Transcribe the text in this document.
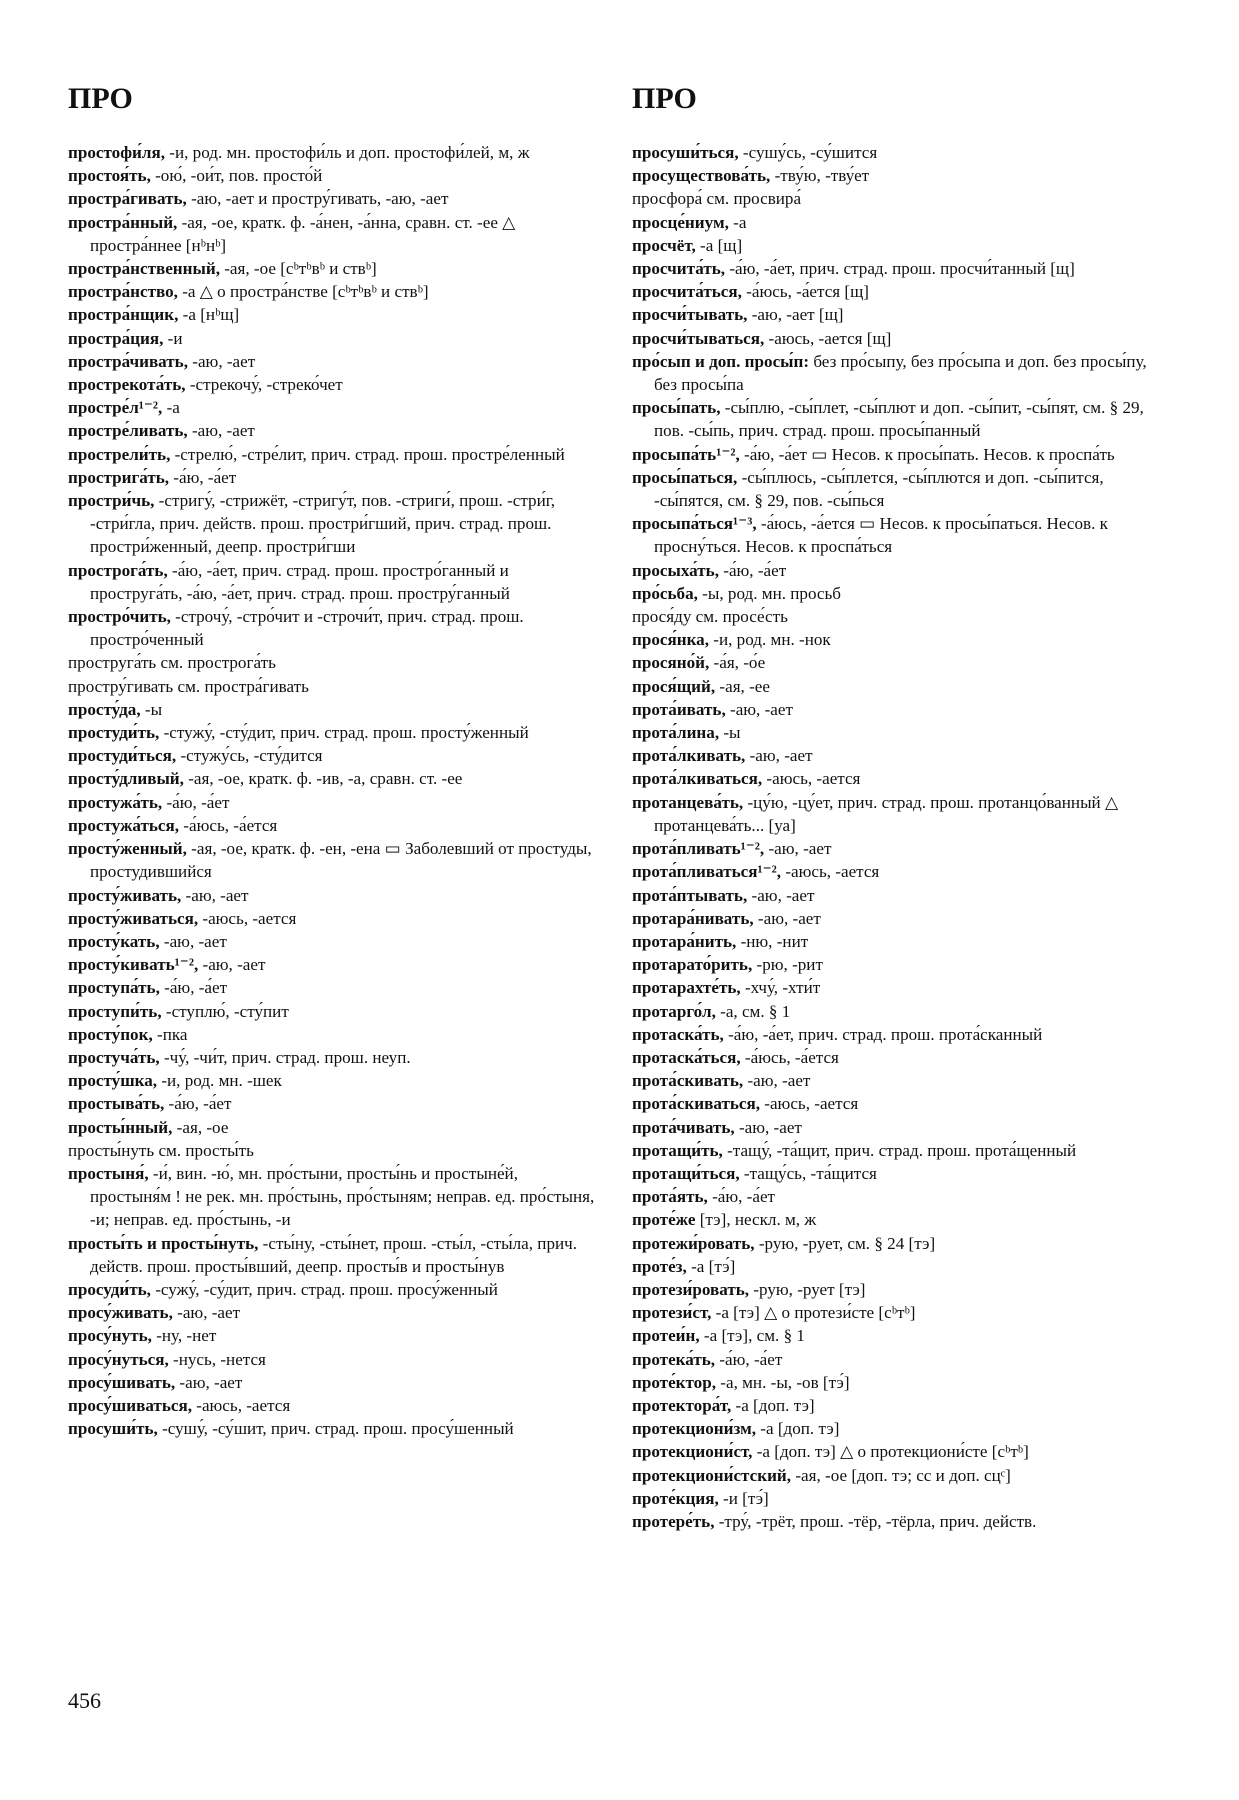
ПРО	ПРО

простофи́ля, -и, род. мн. простофи́ль и доп. простофи́лей, м, ж

простоя́ть, -ою́, -ои́т, пов. просто́й

простра́гивать, -аю, -ает и простру́гивать, -аю, -ает

простра́нный, -ая, -ое, кратк. ф. -а́нен, -а́нна, сравн. ст. -ее △ простра́ннее [нᵇнᵇ]

простра́нственный, -ая, -ое [сᵇтᵇвᵇ и ствᵇ]

простра́нство, -а △ о простра́нстве [сᵇтᵇвᵇ и ствᵇ]

простра́нщик, -а [нᵇщ]

простра́ция, -и

простра́чивать, -аю, -ает

прострекота́ть, -стрекочу́, -стреко́чет

простре́л¹⁻², -а

простре́ливать, -аю, -ает

прострели́ть, -стрелю́, -стре́лит, прич. страд. прош. простре́ленный

прострига́ть, -а́ю, -а́ет

простри́чь, -стригу́, -стрижёт, -стригу́т, пов. -стриги́, прош. -стри́г, -стри́гла, прич. действ. прош. простри́гший, прич. страд. прош. простри́женный, деепр. простри́гши

прострога́ть, -а́ю, -а́ет, прич. страд. прош. простро́ганный и проструга́ть, -а́ю, -а́ет, прич. страд. прош. простру́ганный

простро́чить, -строчу́, -стро́чит и -строчи́т, прич. страд. прош. простро́ченный

проструга́ть см. прострога́ть

простру́гивать см. простра́гивать

просту́да, -ы

простуди́ть, -стужу́, -сту́дит, прич. страд. прош. просту́женный

простуди́ться, -стужу́сь, -сту́дится

просту́дливый, -ая, -ое, кратк. ф. -ив, -а, сравн. ст. -ее

простужа́ть, -а́ю, -а́ет

простужа́ться, -а́юсь, -а́ется

просту́женный, -ая, -ое, кратк. ф. -ен, -ена ▭ Заболевший от простуды, простудившийся

просту́живать, -аю, -ает

просту́живаться, -аюсь, -ается

просту́кать, -аю, -ает

просту́кивать¹⁻², -аю, -ает

проступа́ть, -а́ю, -а́ет

проступи́ть, -ступлю́, -сту́пит

просту́пок, -пка

простуча́ть, -чу́, -чи́т, прич. страд. прош. неуп.

просту́шка, -и, род. мн. -шек

простыва́ть, -а́ю, -а́ет

просты́нный, -ая, -ое

просты́нуть см. просты́ть

простыня́, -и́, вин. -ю́, мн. про́стыни, просты́нь и простыне́й, простыня́м ! не рек. мн. про́стынь, про́стыням; неправ. ед. про́стыня, -и; неправ. ед. про́стынь, -и

просты́ть и просты́нуть, -сты́ну, -сты́нет, прош. -сты́л, -сты́ла, прич. действ. прош. просты́вший, деепр. просты́в и просты́нув

просуди́ть, -сужу́, -су́дит, прич. страд. прош. просу́женный

просу́живать, -аю, -ает

просу́нуть, -ну, -нет

просу́нуться, -нусь, -нется

просу́шивать, -аю, -ает

просу́шиваться, -аюсь, -ается

просуши́ть, -сушу́, -су́шит, прич. страд. прош. просу́шенный

просуши́ться, -сушу́сь, -су́шится

просуществова́ть, -тву́ю, -тву́ет

просфора́ см. просвира́

просце́ниум, -а

просчёт, -а [щ]

просчита́ть, -а́ю, -а́ет, прич. страд. прош. просчи́танный [щ]

просчита́ться, -а́юсь, -а́ется [щ]

просчи́тывать, -аю, -ает [щ]

просчи́тываться, -аюсь, -ается [щ]

про́сып и доп. просы́п: без про́сыпу, без про́сыпа и доп. без просы́пу, без просы́па

просы́пать, -сы́плю, -сы́плет, -сы́плют и доп. -сы́пит, -сы́пят, см. § 29, пов. -сы́пь, прич. страд. прош. просы́панный

просыпа́ть¹⁻², -а́ю, -а́ет ▭ Несов. к просы́пать. Несов. к проспа́ть

просы́паться, -сы́плюсь, -сы́плется, -сы́плются и доп. -сы́пится, -сы́пятся, см. § 29, пов. -сы́пься

просыпа́ться¹⁻³, -а́юсь, -а́ется ▭ Несов. к просы́паться. Несов. к просну́ться. Несов. к проспа́ться

просыха́ть, -а́ю, -а́ет

про́сьба, -ы, род. мн. просьб

прося́ду см. просе́сть

прося́нка, -и, род. мн. -нок

просяно́й, -а́я, -о́е

прося́щий, -ая, -ее

прота́ивать, -аю, -ает

прота́лина, -ы

прота́лкивать, -аю, -ает

прота́лкиваться, -аюсь, -ается

протанцева́ть, -цу́ю, -цу́ет, прич. страд. прош. протанцо́ванный △ протанцева́ть... [уа]

прота́пливать¹⁻², -аю, -ает

прота́пливаться¹⁻², -аюсь, -ается

прота́птывать, -аю, -ает

протара́нивать, -аю, -ает

протара́нить, -ню, -нит

протарато́рить, -рю, -рит

протарахте́ть, -хчу́, -хти́т

протарго́л, -а, см. § 1

протаска́ть, -а́ю, -а́ет, прич. страд. прош. прота́сканный

протаска́ться, -а́юсь, -а́ется

прота́скивать, -аю, -ает

прота́скиваться, -аюсь, -ается

прота́чивать, -аю, -ает

протащи́ть, -тащу́, -та́щит, прич. страд. прош. прота́щенный

протащи́ться, -тащу́сь, -та́щится

прота́ять, -а́ю, -а́ет

проте́же [тэ], нескл. м, ж

протежи́ровать, -рую, -рует, см. § 24 [тэ]

проте́з, -а [тэ́]

протези́ровать, -рую, -рует [тэ]

протези́ст, -а [тэ] △ о протези́сте [сᵇтᵇ]

протеи́н, -а [тэ], см. § 1

протека́ть, -а́ю, -а́ет

проте́ктор, -а, мн. -ы, -ов [тэ́]

протектора́т, -а [доп. тэ]

протекциони́зм, -а [доп. тэ]

протекциони́ст, -а [доп. тэ] △ о протекциони́сте [сᵇтᵇ]

протекциони́стский, -ая, -ое [доп. тэ; сс и доп. сцᶜ]

проте́кция, -и [тэ́]

протере́ть, -тру́, -трёт, прош. -тёр, -тёрла, прич. действ.

456
